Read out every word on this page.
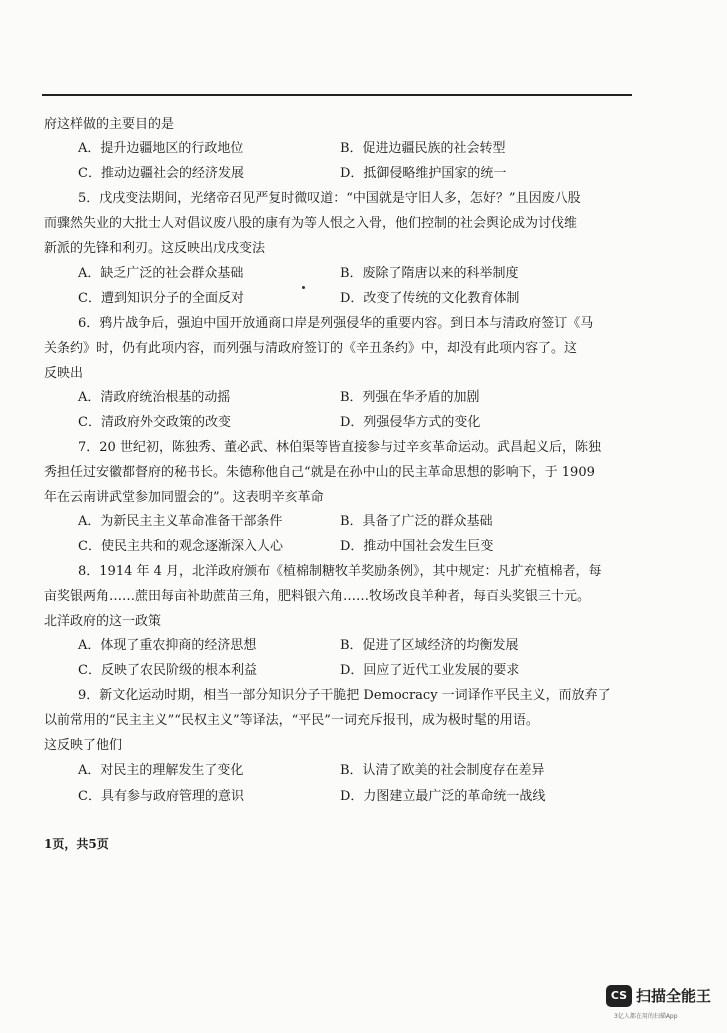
府这样做的主要目的是
A．提升边疆地区的行政地位	B．促进边疆民族的社会转型
C．推动边疆社会的经济发展	D．抵御侵略维护国家的统一
5．戊戌变法期间，光绪帝召见严复时微叹道：“中国就是守旧人多，怎好？”且因废八股
而骤然失业的大批士人对倡议废八股的康有为等人恨之入骨，他们控制的社会舆论成为讨伐维
新派的先锋和利刃。这反映出戊戌变法
A．缺乏广泛的社会群众基础	B．废除了隋唐以来的科举制度
C．遭到知识分子的全面反对	D．改变了传统的文化教育体制
6．鸦片战争后，强迫中国开放通商口岸是列强侵华的重要内容。到日本与清政府签订《马
关条约》时，仍有此项内容，而列强与清政府签订的《辛丑条约》中，却没有此项内容了。这
反映出
A．清政府统治根基的动摇	B．列强在华矛盾的加剧
C．清政府外交政策的改变	D．列强侵华方式的变化
7．20 世纪初，陈独秀、董必武、林伯渠等皆直接参与过辛亥革命运动。武昌起义后，陈独
秀担任过安徽都督府的秘书长。朱德称他自己“就是在孙中山的民主革命思想的影响下，于 1909
年在云南讲武堂参加同盟会的”。这表明辛亥革命
A．为新民主主义革命准备干部条件	B．具备了广泛的群众基础
C．使民主共和的观念逐渐深入人心	D．推动中国社会发生巨变
8．1914 年 4 月，北洋政府颁布《植棉制糖牧羊奖励条例》，其中规定：凡扩充植棉者，每
亩奖银两角……蔗田每亩补助蔗苗三角，肥料银六角……牧场改良羊种者，每百头奖银三十元。
北洋政府的这一政策
A．体现了重农抑商的经济思想	B．促进了区域经济的均衡发展
C．反映了农民阶级的根本利益	D．回应了近代工业发展的要求
9．新文化运动时期，相当一部分知识分子干脆把 Democracy 一词译作平民主义，而放弃了
以前常用的“民主主义”“民权主义”等译法，“平民”一词充斥报刊，成为极时髦的用语。
这反映了他们
A．对民主的理解发生了变化	B．认清了欧美的社会制度存在差异
C．具有参与政府管理的意识	D．力图建立最广泛的革命统一战线
1页，共5页
CS 扫描全能王
3亿人都在用的扫描App
